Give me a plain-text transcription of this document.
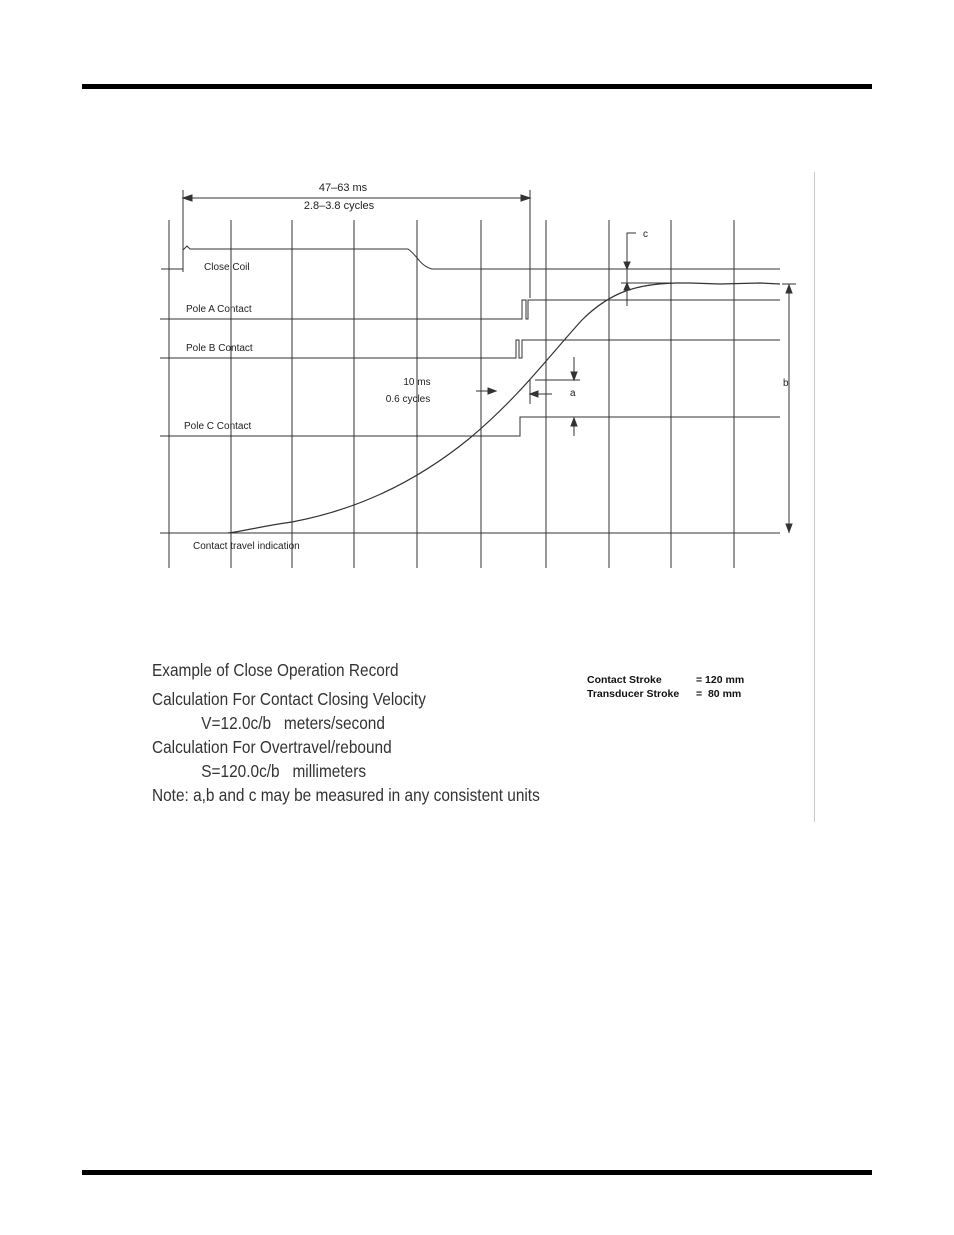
47–63 ms
2.8–3.8 cycles
Close Coil
Pole A Contact
Pole B Contact
Pole C Contact
Contact travel indication
10 ms
0.6 cycles
a
b
c
Example of Close Operation Record
Calculation For Contact Closing Velocity
V=12.0c/b   meters/second
Calculation For Overtravel/rebound
S=120.0c/b   millimeters
Note: a,b and c may be measured in any consistent units
Contact Stroke	= 120 mm
Transducer Stroke	=  80 mm
